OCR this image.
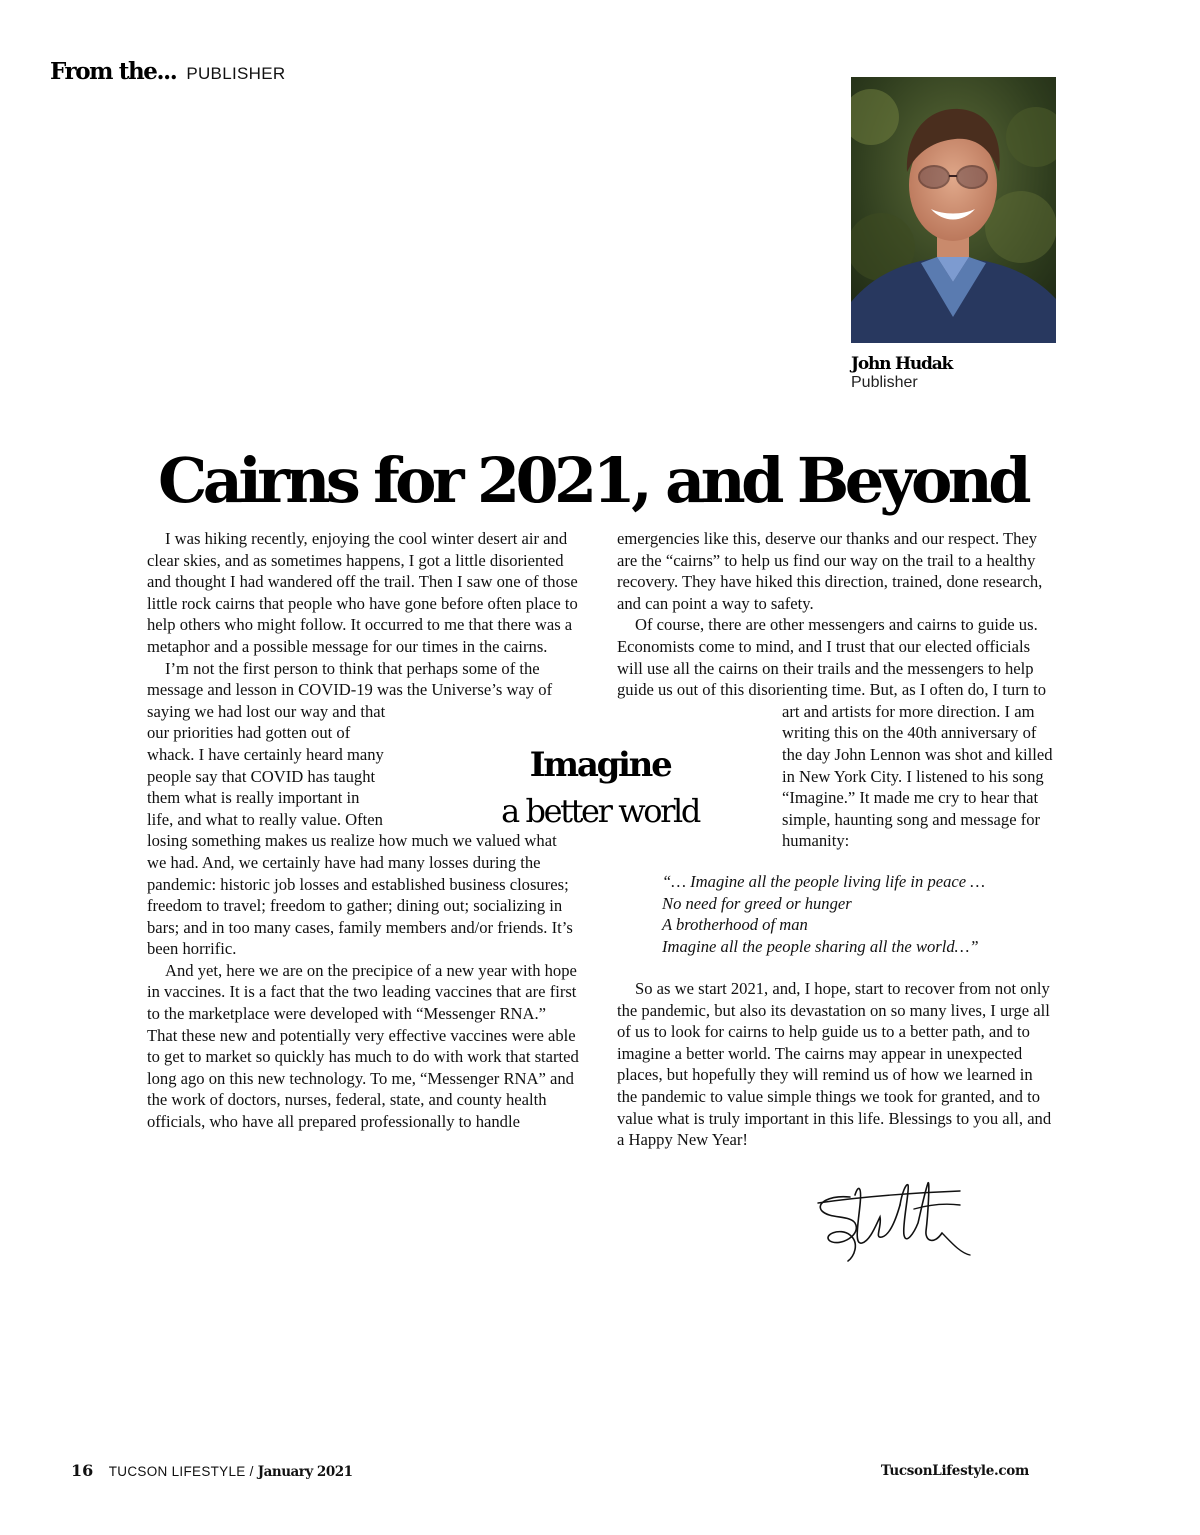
From the... PUBLISHER
John Hudak
Publisher
Cairns for 2021, and Beyond

I was hiking recently, enjoying the cool winter desert air and clear skies, and as sometimes happens, I got a little disoriented and thought I had wandered off the trail. Then I saw one of those little rock cairns that people who have gone before often place to help others who might follow. It occurred to me that there was a metaphor and a possible message for our times in the cairns.

I’m not the first person to think that perhaps some of the message and lesson in COVID-19 was the Universe’s way
of saying we had lost our way and that our priorities had gotten out of whack. I have certainly heard many people say that COVID has taught them what is really important in life, and what to really value. Often losing something makes us realize how much we valued what we had. And, we certainly have had many losses during the pandemic: historic job losses and established business closures; freedom to travel; freedom to gather; dining out; socializing in bars; and in too many cases, family members and/or friends. It’s been horrific.

And yet, here we are on the precipice of a new year with hope in vaccines. It is a fact that the two leading vaccines that are first to the marketplace were developed with “Messenger RNA.” That these new and potentially very effective vaccines were able to get to market so quickly has much to do with work that started long ago on this new technology. To me, “Messenger RNA” and the work of doctors, nurses, federal, state, and county health officials, who have all prepared professionally to handle

emergencies like this, deserve our thanks and our respect. They are the “cairns” to help us find our way on the trail to a healthy recovery. They have hiked this direction, trained, done research, and can point a way to safety.

Of course, there are other messengers and cairns to guide us. Economists come to mind, and I trust that our elected officials will use all the cairns on their trails and the messengers to help guide us out of this disorienting time. But, as I often do, I turn to art and artists for more direction. I am
writing this on the 40th anniversary of the day John Lennon was shot and killed in New York City. I listened to his song “Imagine.” It made me cry to hear that simple, haunting song and message for humanity:

Imagine
a better world
“… Imagine all the people living life in peace …
No need for greed or hunger
A brotherhood of man
Imagine all the people sharing all the world…”

So as we start 2021, and, I hope, start to recover from not only the pandemic, but also its devastation on so many lives, I urge all of us to look for cairns to help guide us to a better path, and to imagine a better world. The cairns may appear in unexpected places, but hopefully they will remind us of how we learned in the pandemic to value simple things we took for granted, and to value what is truly important in this life. Blessings to you all, and a Happy New Year!

16 TUCSON LIFESTYLE / January 2021	TucsonLifestyle.com
